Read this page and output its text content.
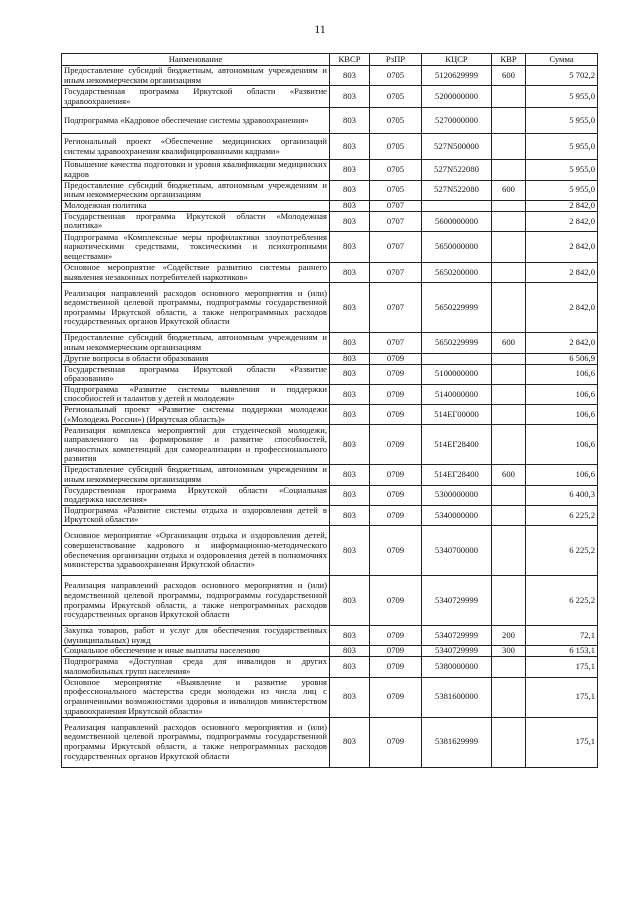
11
Наименование	КВСР	РзПР	КЦСР	КВР	Сумма
Предоставление субсидий бюджетным, автономным учреждениям и иным некоммерческим организациям	803	0705	5120629999	600	5 702,2
Государственная программа Иркутской области «Развитие здравоохранения»	803	0705	5200000000		5 955,0
Подпрограмма «Кадровое обеспечение системы здравоохранения»	803	0705	5270000000		5 955,0
Региональный проект «Обеспечение медицинских организаций системы здравоохранения квалифицированными кадрами»	803	0705	527N500000		5 955,0
Повышение качества подготовки и уровня квалификации медицинских кадров	803	0705	527N522080		5 955,0
Предоставление субсидий бюджетным, автономным учреждениям и иным некоммерческим организациям	803	0705	527N522080	600	5 955,0
Молодежная политика	803	0707			2 842,0
Государственная программа Иркутской области «Молодежная политика»	803	0707	5600000000		2 842,0
Подпрограмма «Комплексные меры профилактики злоупотребления наркотическими средствами, токсическими и психотропными веществами»	803	0707	5650000000		2 842,0
Основное мероприятие «Содействие развитию системы раннего выявления незаконных потребителей наркотиков»	803	0707	5650200000		2 842,0
Реализация направлений расходов основного мероприятия и (или) ведомственной целевой программы, подпрограммы государственной программы Иркутской области, а также непрограммных расходов государственных органов Иркутской области	803	0707	5650229999		2 842,0
Предоставление субсидий бюджетным, автономным учреждениям и иным некоммерческим организациям	803	0707	5650229999	600	2 842,0
Другие вопросы в области образования	803	0709			6 506,9
Государственная программа Иркутской области «Развитие образования»	803	0709	5100000000		106,6
Подпрограмма «Развитие системы выявления и поддержки способностей и талантов у детей и молодежи»	803	0709	5140000000		106,6
Региональный проект «Развитие системы поддержки молодежи («Молодежь России») (Иркутская область)»	803	0709	514ЕГ00000		106,6
Реализация комплекса мероприятий для студенческой молодежи, направленного на формирование и развитие способностей, личностных компетенций для самореализации и профессионального развития	803	0709	514ЕГ28400		106,6
Предоставление субсидий бюджетным, автономным учреждениям и иным некоммерческим организациям	803	0709	514ЕГ28400	600	106,6
Государственная программа Иркутской области «Социальная поддержка населения»	803	0709	5300000000		6 400,3
Подпрограмма «Развитие системы отдыха и оздоровления детей в Иркутской области»	803	0709	5340000000		6 225,2
Основное мероприятие «Организация отдыха и оздоровления детей, совершенствование кадрового и информационно-методического обеспечения организации отдыха и оздоровления детей в полномочиях министерства здравоохранения Иркутской области»	803	0709	5340700000		6 225,2
Реализация направлений расходов основного мероприятия и (или) ведомственной целевой программы, подпрограммы государственной программы Иркутской области, а также непрограммных расходов государственных органов Иркутской области	803	0709	5340729999		6 225,2
Закупка товаров, работ и услуг для обеспечения государственных (муниципальных) нужд	803	0709	5340729999	200	72,1
Социальное обеспечение и иные выплаты населению	803	0709	5340729999	300	6 153,1
Подпрограмма «Доступная среда для инвалидов и других маломобильных групп населения»	803	0709	5380000000		175,1
Основное мероприятие «Выявление и развитие уровня профессионального мастерства среди молодежи из числа лиц с ограниченными возможностями здоровья и инвалидов министерством здравоохранения Иркутской области»	803	0709	5381600000		175,1
Реализация направлений расходов основного мероприятия и (или) ведомственной целевой программы, подпрограммы государственной программы Иркутской области, а также непрограммных расходов государственных органов Иркутской области	803	0709	5381629999		175,1
